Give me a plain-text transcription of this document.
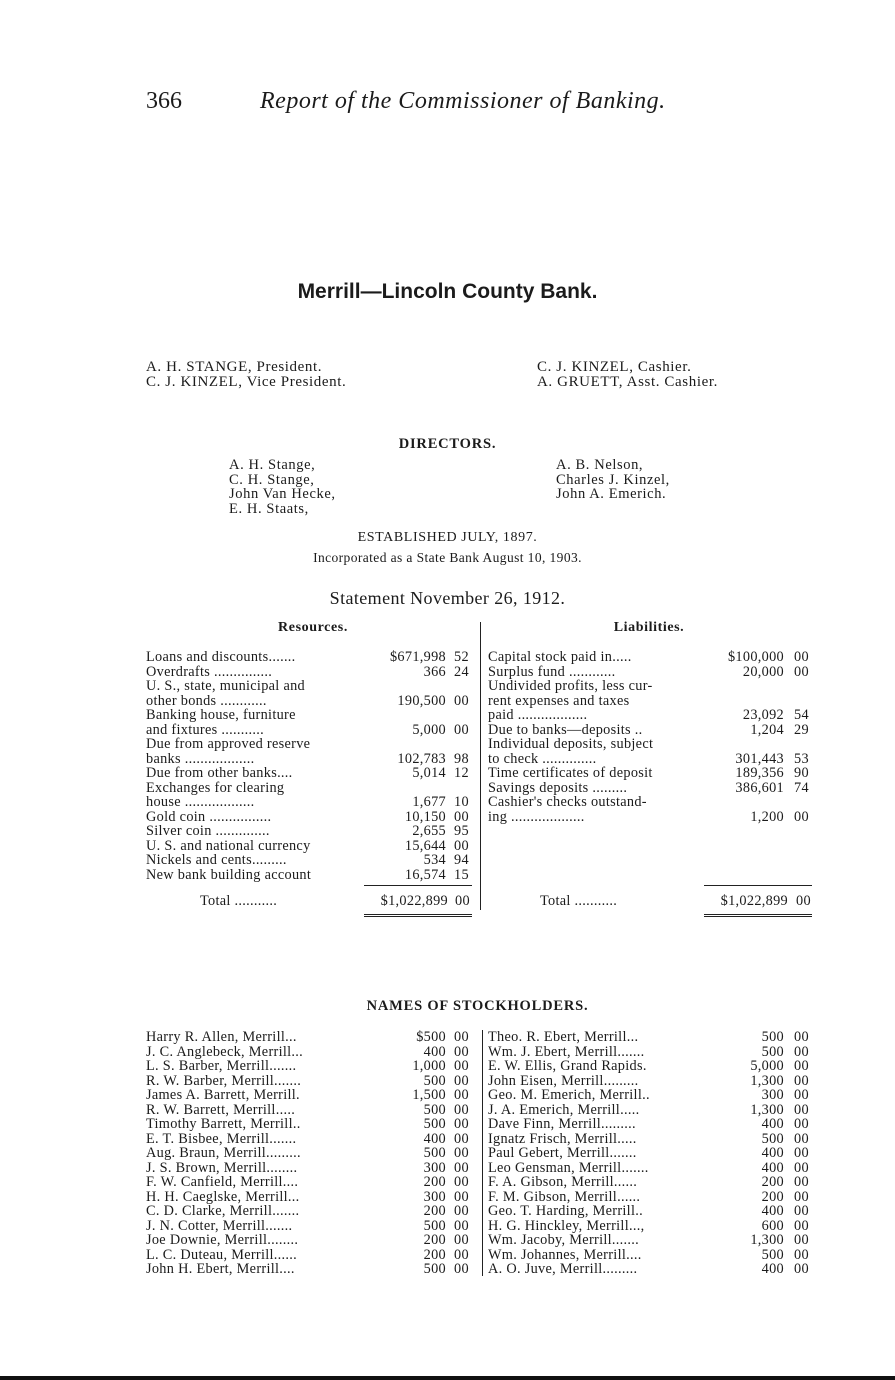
366	Report of the Commissioner of Banking.
Merrill—Lincoln County Bank.
A. H. STANGE, President.
C. J. KINZEL, Vice President.
C. J. KINZEL, Cashier.
A. GRUETT, Asst. Cashier.
DIRECTORS.
A. H. Stange,
C. H. Stange,
John Van Hecke,
E. H. Staats,
A. B. Nelson,
Charles J. Kinzel,
John A. Emerich.
ESTABLISHED JULY, 1897.
Incorporated as a State Bank August 10, 1903.
Statement November 26, 1912.
Resources.	Liabilities.
Loans and discounts.......	$671,998 52
Overdrafts ...............	366 24
U. S., state, municipal and
other bonds ............	190,500 00
Banking house, furniture
and fixtures ...........	5,000 00
Due from approved reserve
banks ..................	102,783 98
Due from other banks....	5,014 12
Exchanges for clearing
house ..................	1,677 10
Gold coin ................	10,150 00
Silver coin ..............	2,655 95
U. S. and national currency	15,644 00
Nickels and cents.........	534 94
New bank building account	16,574 15
Capital stock paid in.....	$100,000 00
Surplus fund ............	20,000 00
Undivided profits, less cur-
rent expenses and taxes
paid ..................	23,092 54
Due to banks—deposits ..	1,204 29
Individual deposits, subject
to check ..............	301,443 53
Time certificates of deposit	189,356 90
Savings deposits .........	386,601 74
Cashier's checks outstand-
ing ...................	1,200 00
Total ...........	$1,022,899 00	Total ...........	$1,022,899 00
NAMES OF STOCKHOLDERS.
Harry R. Allen, Merrill...	$500 00
J. C. Anglebeck, Merrill...	400 00
L. S. Barber, Merrill.......	1,000 00
R. W. Barber, Merrill.......	500 00
James A. Barrett, Merrill.	1,500 00
R. W. Barrett, Merrill.....	500 00
Timothy Barrett, Merrill..	500 00
E. T. Bisbee, Merrill.......	400 00
Aug. Braun, Merrill.........	500 00
J. S. Brown, Merrill........	300 00
F. W. Canfield, Merrill....	200 00
H. H. Caeglske, Merrill...	300 00
C. D. Clarke, Merrill.......	200 00
J. N. Cotter, Merrill.......	500 00
Joe Downie, Merrill........	200 00
L. C. Duteau, Merrill......	200 00
John H. Ebert, Merrill....	500 00
Theo. R. Ebert, Merrill...	500 00
Wm. J. Ebert, Merrill.......	500 00
E. W. Ellis, Grand Rapids.	5,000 00
John Eisen, Merrill.........	1,300 00
Geo. M. Emerich, Merrill..	300 00
J. A. Emerich, Merrill.....	1,300 00
Dave Finn, Merrill.........	400 00
Ignatz Frisch, Merrill.....	500 00
Paul Gebert, Merrill.......	400 00
Leo Gensman, Merrill.......	400 00
F. A. Gibson, Merrill......	200 00
F. M. Gibson, Merrill......	200 00
Geo. T. Harding, Merrill..	400 00
H. G. Hinckley, Merrill...,	600 00
Wm. Jacoby, Merrill.......	1,300 00
Wm. Johannes, Merrill....	500 00
A. O. Juve, Merrill.........	400 00
